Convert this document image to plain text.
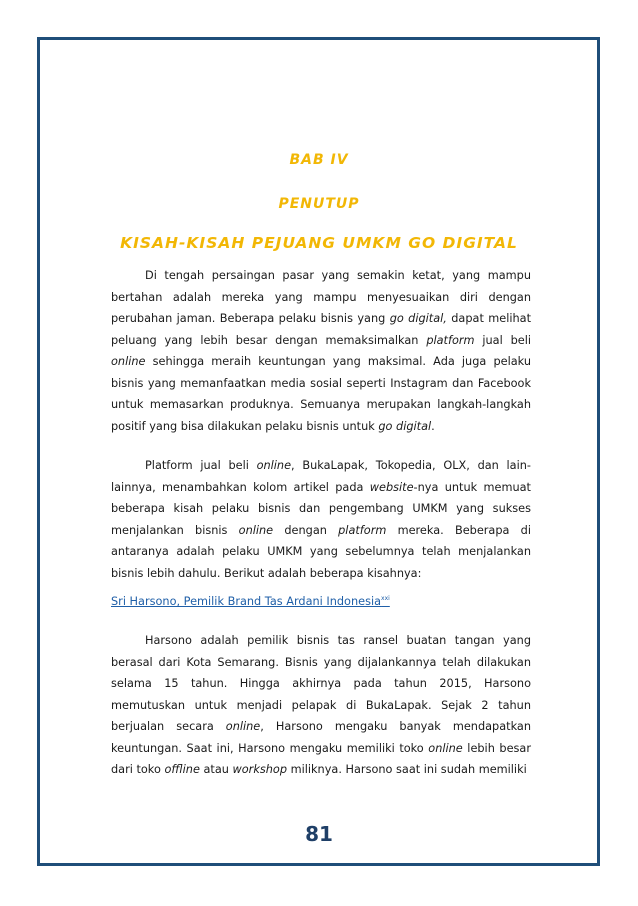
BAB IV
PENUTUP
KISAH-KISAH PEJUANG UMKM GO DIGITAL

Di tengah persaingan pasar yang semakin ketat, yang mampu bertahan adalah mereka yang mampu menyesuaikan diri dengan perubahan jaman. Beberapa pelaku bisnis yang go digital, dapat melihat peluang yang lebih besar dengan memaksimalkan platform jual beli online sehingga meraih keuntungan yang maksimal. Ada juga pelaku bisnis yang memanfaatkan media sosial seperti Instagram dan Facebook untuk memasarkan produknya. Semuanya merupakan langkah-langkah positif yang bisa dilakukan pelaku bisnis untuk go digital.

Platform jual beli online, BukaLapak, Tokopedia, OLX, dan lain-lainnya, menambahkan kolom artikel pada website-nya untuk memuat beberapa kisah pelaku bisnis dan pengembang UMKM yang sukses menjalankan bisnis online dengan platform mereka. Beberapa di antaranya adalah pelaku UMKM yang sebelumnya telah menjalankan bisnis lebih dahulu. Berikut adalah beberapa kisahnya:

Sri Harsono, Pemilik Brand Tas Ardani Indonesia$^{xxi}$

Harsono adalah pemilik bisnis tas ransel buatan tangan yang berasal dari Kota Semarang. Bisnis yang dijalankannya telah dilakukan selama 15 tahun. Hingga akhirnya pada tahun 2015, Harsono memutuskan untuk menjadi pelapak di BukaLapak. Sejak 2 tahun berjualan secara online, Harsono mengaku banyak mendapatkan keuntungan. Saat ini, Harsono mengaku memiliki toko online lebih besar dari toko offline atau workshop miliknya. Harsono saat ini sudah memiliki

81
